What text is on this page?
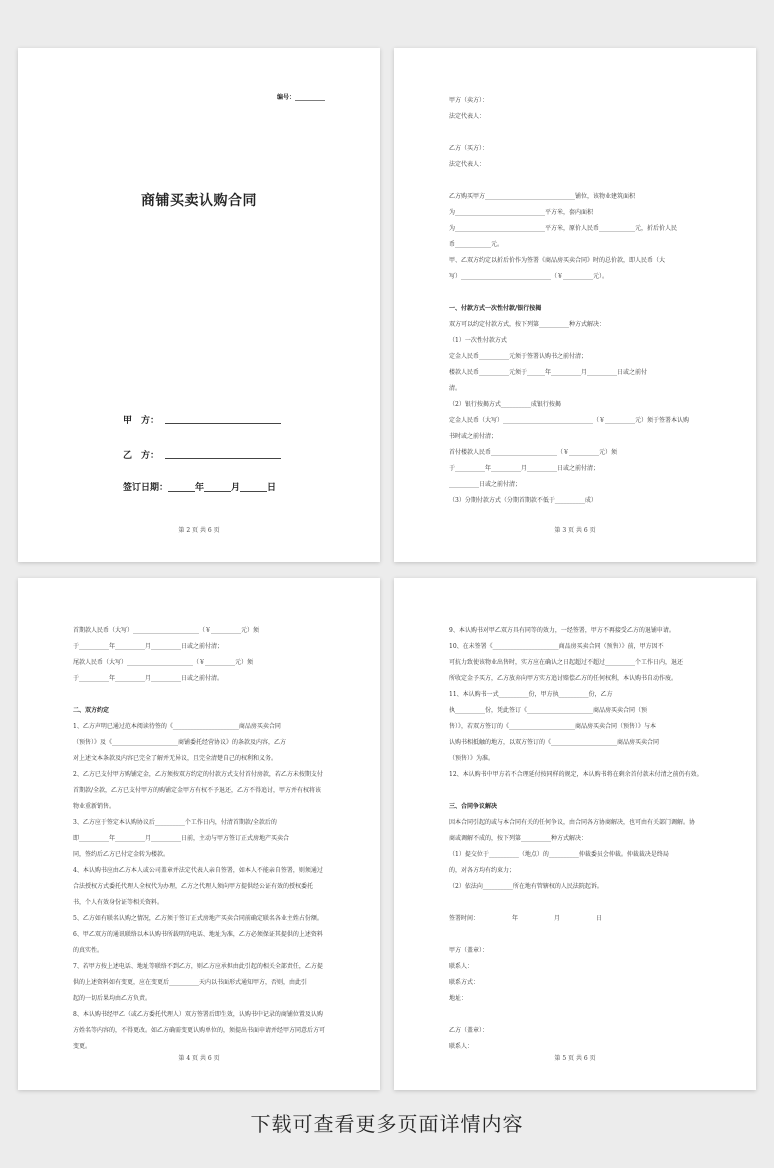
编号：__________
商铺买卖认购合同
甲　方：
乙　方：
签订日期：______年______月______日
第 2 页 共 6 页
甲方（卖方）：
法定代表人：
乙方（买方）：
法定代表人：
乙方购买甲方______________________________铺位，该物业建筑面积
为______________________________平方米，套内面积
为______________________________平方米，原价人民币____________元，折后价人民
币____________元。
甲、乙双方约定以折后价作为签署《商品房买卖合同》时的总价款，即人民币（大
写）______________________________（￥__________元）。
一、付款方式一次性付款/银行按揭
双方可以约定付款方式，按下列第__________种方式解决：
（1）一次性付款方式
定金人民币__________元须于签署认购书之前付清；
楼款人民币__________元须于______年__________月__________日或之前付
清。
（2）银行按揭方式__________成银行按揭
定金人民币（大写）______________________________（￥__________元）须于签署本认购
书时或之前付清；
首付楼款人民币______________________（￥__________元）须
于__________年__________月__________日或之前付清；
__________日或之前付清；
（3）分期付款方式（分期首期款不低于__________成）
第 3 页 共 6 页
首期款人民币（大写）______________________（￥__________元）须
于__________年__________月__________日或之前付清；
尾款人民币（大写）______________________（￥__________元）须
于__________年__________月__________日或之前付清。
二、双方约定
1、乙方声明已通过范本阅读待签的《______________________商品房买卖合同
（预售）》及《______________________商铺委托经营协议》的条款及内容，乙方
对上述文本条款及内容已完全了解并无异议，且完全清楚自己的权利和义务。
2、乙方已支付甲方购铺定金，乙方须按双方约定的付款方式支付首付房款，若乙方未按期支付
首期款/全款，乙方已支付甲方的购铺定金甲方有权不予退还，乙方不得追讨，甲方并有权将该
物业重新销售。
3、乙方应于签定本认购协议后__________个工作日内，付清首期款/全款后的
即__________年__________月__________日前，主动与甲方签订正式房地产买卖合
同，签约后乙方已付定金转为楼款。
4、本认购书应由乙方本人或公司盖章并法定代表人亲自签署，如本人不能亲自签署，则须通过
合法授权方式委托代理人全权代为办理，乙方之代理人须向甲方提供经公证有效的授权委托
书，个人有效身份证等相关资料。
5、乙方如有联名认购之情况，乙方须于签订正式房地产买卖合同前确定联名各业主姓占份额。
6、甲乙双方的通讯联络以本认购书所载明的电话、地址为准，乙方必须保证其提供的上述资料
的真实性。
7、若甲方按上述电话、地址等联络不到乙方，则乙方应承担由此引起的相关全部责任，乙方提
供的上述资料如有变更，应在变更后__________天内以书面形式通知甲方，否则，由此引
起的一切后果均由乙方负责。
8、本认购书经甲乙（或乙方委托代理人）双方签署后即生效，认购书中记录的商铺位置及认购
方姓名等内容的，不得更改。如乙方确需变更认购单位的，须提出书面申请并经甲方同意后方可
变更。
第 4 页 共 6 页
9、本认购书对甲乙双方具有同等的效力，一经签署，甲方不再接受乙方的退铺申请。
10、在未签署《______________________商品房买卖合同（预售）》前，甲方因不
可抗力致使该物业出售时，实方应在确认之日起超过不超过__________个工作日内，退还
所收定金予买方，乙方放弃向甲方实方追讨赔偿乙方的任何权利，本认购书自动作废。
11、本认购书一式__________份，甲方执__________份，乙方
执__________份，凭此签订《______________________商品房买卖合同（预
售）》，若双方签订的《______________________商品房买卖合同（预售）》与本
认购书相抵触的地方，以双方签订的《______________________商品房买卖合同
（预售）》为准。
12、本认购书中甲方若不合理延付按同样的规定，本认购书将在剩余首付款未付清之前仍有效。
三、合同争议解决
因本合同引起的或与本合同有关的任何争议，由合同各方协商解决，也可由有关部门调解。协
商或调解不成的，按下列第__________种方式解决：
（1）提交位于__________（地点）的__________仲裁委员会仲裁。仲裁裁决是终局
的，对各方均有约束力；
（2）依法向__________所在地有管辖权的人民法院起诉。
签署时间：　　　　　　年　　　　　　月　　　　　　日
甲方（盖章）：
联系人：
联系方式：
地址：
乙方（盖章）：
联系人：
第 5 页 共 6 页
下载可查看更多页面详情内容
